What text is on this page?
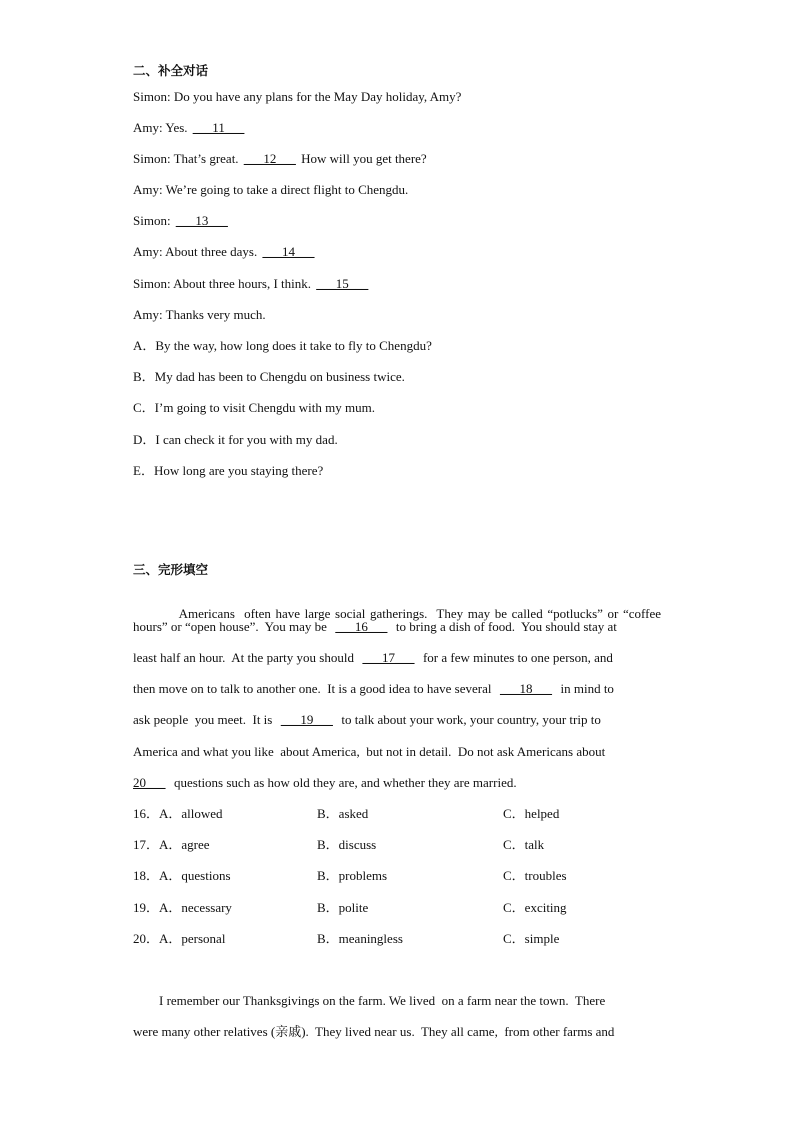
二、补全对话
Simon: Do you have any plans for the May Day holiday, Amy?
Amy: Yes. ___11___
Simon: That’s great. ___12___ How will you get there?
Amy: We’re going to take a direct flight to Chengdu.
Simon: ___13___
Amy: About three days. ___14___
Simon: About three hours, I think. ___15___
Amy: Thanks very much.
A．By the way, how long does it take to fly to Chengdu?
B．My dad has been to Chengdu on business twice.
C．I’m going to visit Chengdu with my mum.
D．I can check it for you with my dad.
E．How long are you staying there?
三、完形填空

Americans  often have large social gatherings.  They may be called “potlucks” or “coffee

hours” or “open house”.  You may be  ___16___  to bring a dish of food.  You should stay at
least half an hour.  At the party you should  ___17___  for a few minutes to one person, and
then move on to talk to another one.  It is a good idea to have several  ___18___  in mind to
ask people  you meet.  It is  ___19___  to talk about your work, your country, your trip to
America and what you like  about America,  but not in detail.  Do not ask Americans about
20___  questions such as how old they are, and whether they are married.
16．A．allowed	B．asked	C．helped
17．A．agree	B．discuss	C．talk
18．A．questions	B．problems	C．troubles
19．A．necessary	B．polite	C．exciting
20．A．personal	B．meaningless	C．simple
I remember our Thanksgivings on the farm. We lived  on a farm near the town.  There
were many other relatives (亲戚).  They lived near us.  They all came,  from other farms and
